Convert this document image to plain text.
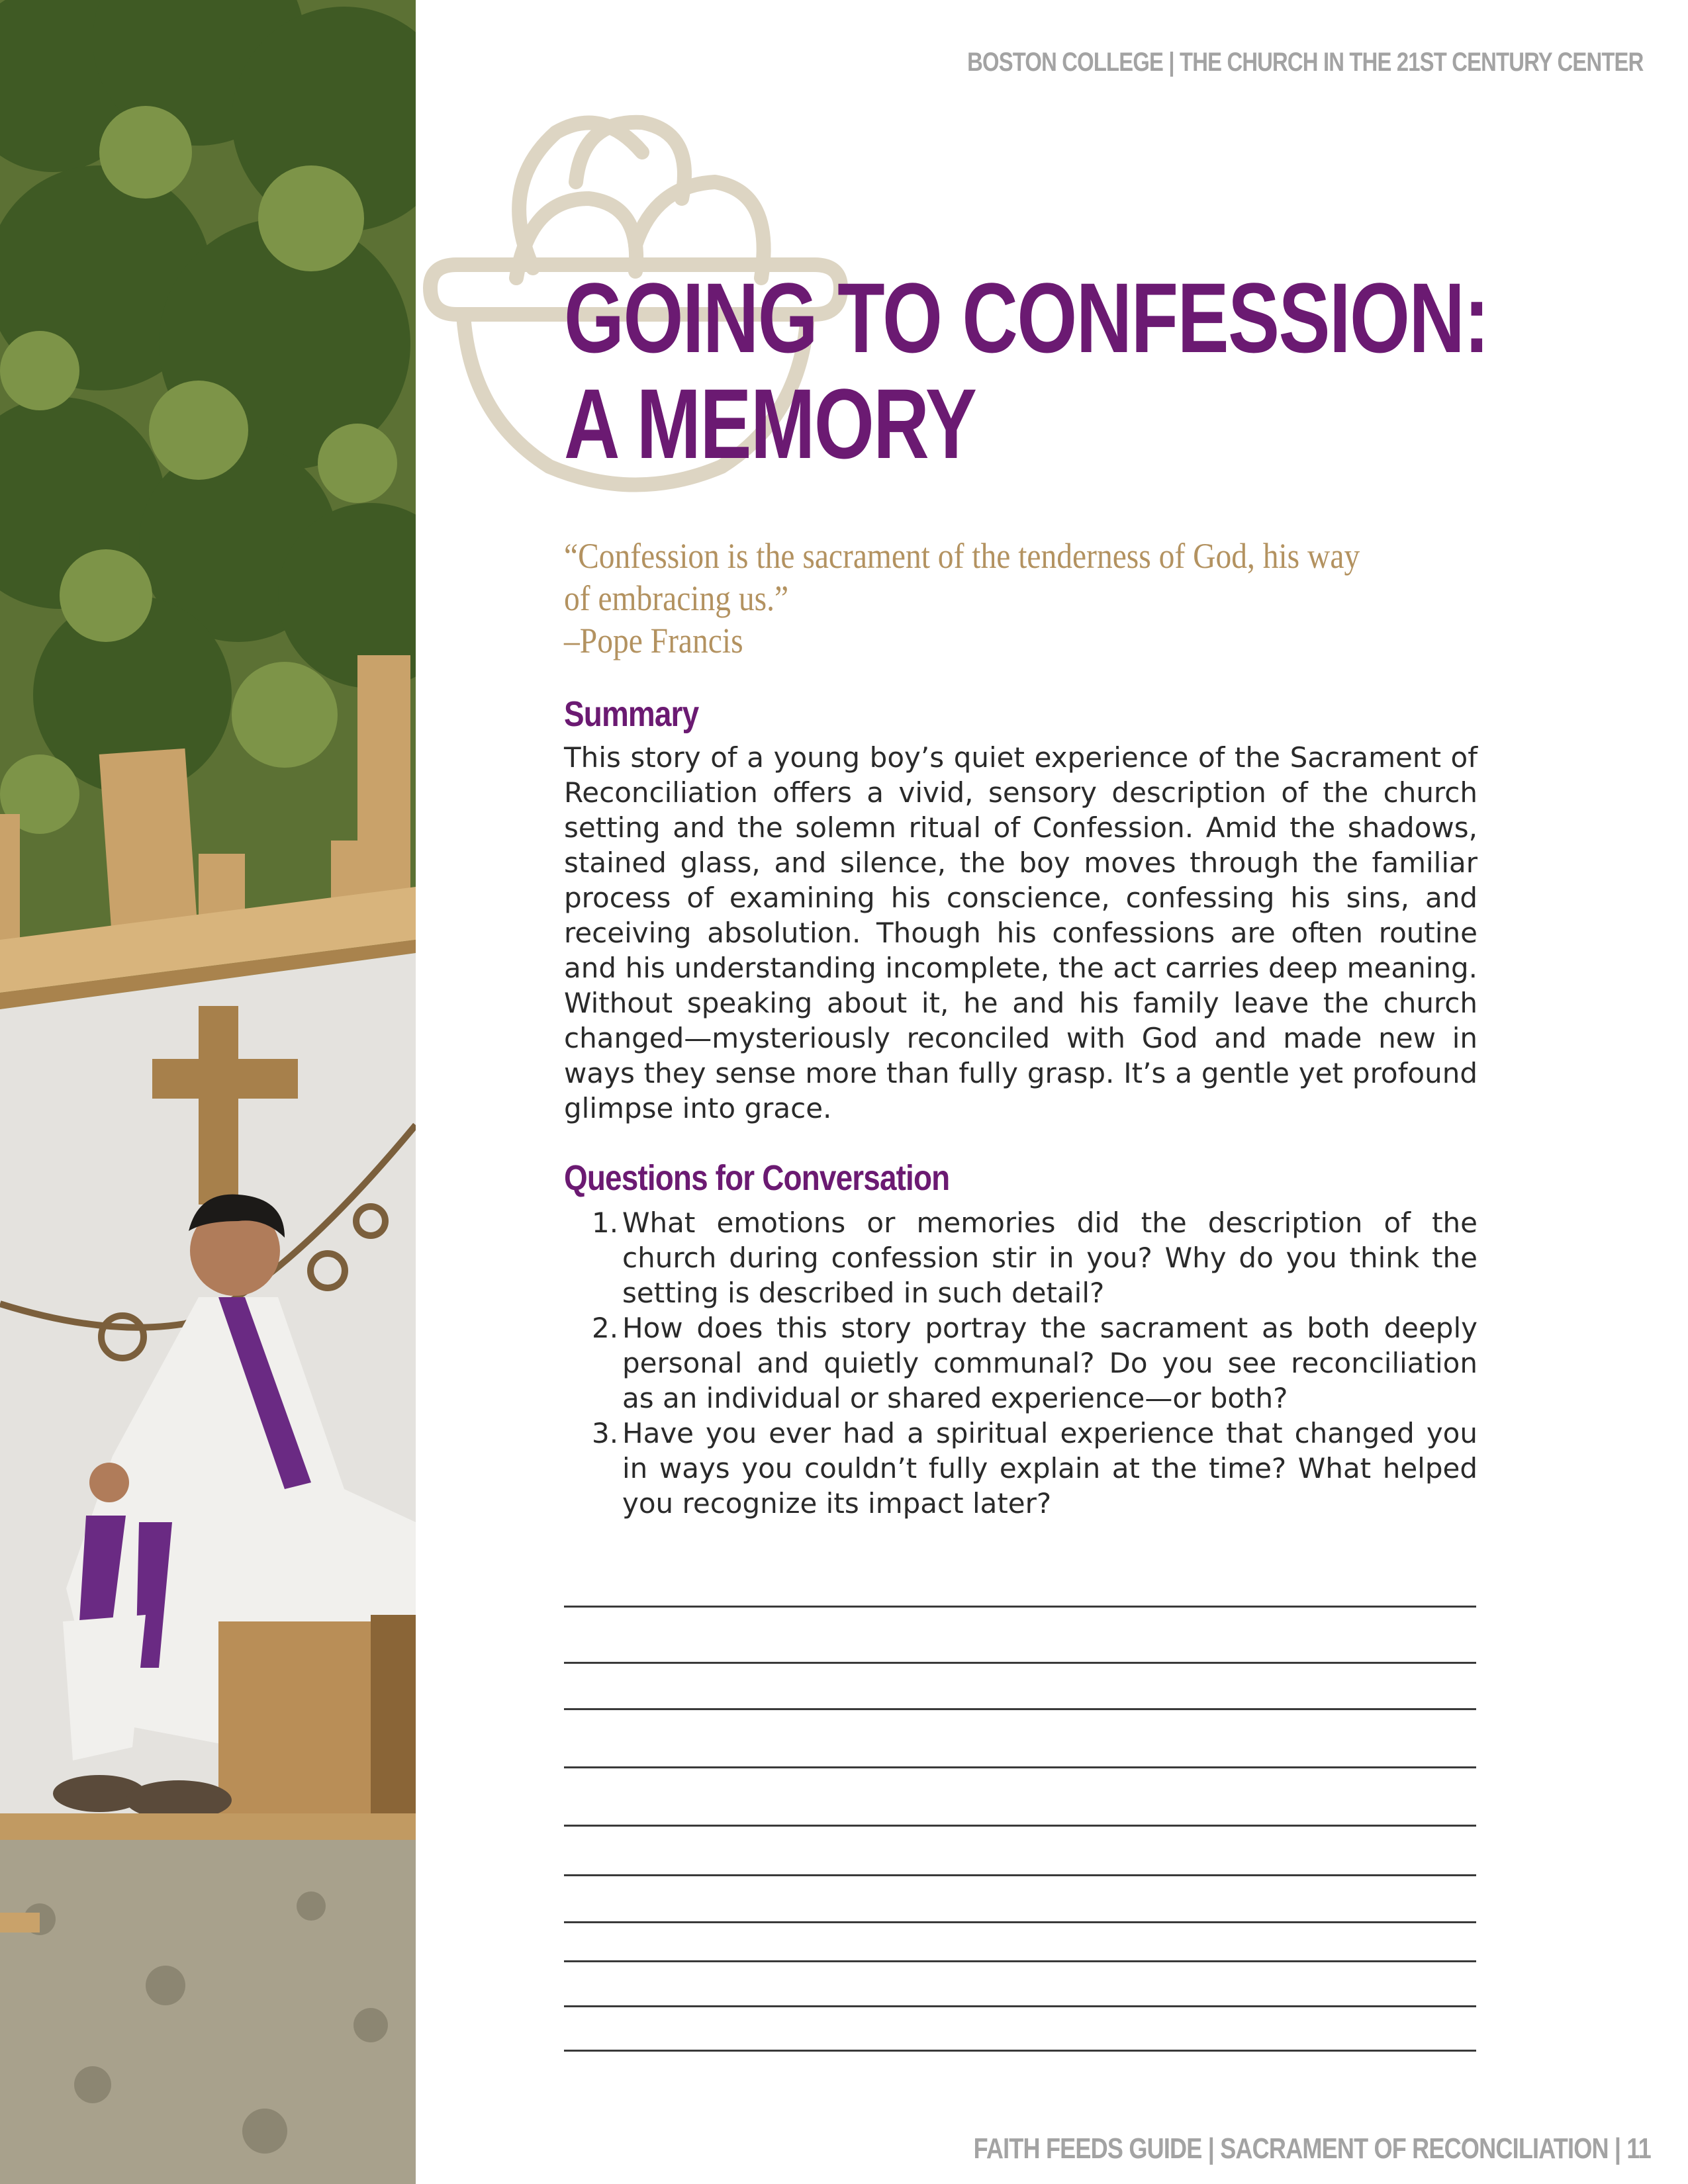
BOSTON COLLEGE | THE CHURCH IN THE 21ST CENTURY CENTER
GOING TO CONFESSION:
A MEMORY
“Confession is the sacrament of the tenderness of God, his way
of embracing us.”
–Pope Francis
Summary
This story of a young boy’s quiet experience of the Sacrament of Reconciliation offers a vivid, sensory description of the church setting and the solemn ritual of Confession. Amid the shadows, stained glass, and silence, the boy moves through the familiar process of examining his conscience, confessing his sins, and receiving absolution. Though his confessions are often routine and his understanding incomplete, the act carries deep meaning. Without speaking about it, he and his family leave the church changed—mysteriously reconciled with God and made new in ways they sense more than fully grasp. It’s a gentle yet profound glimpse into grace.
Questions for Conversation
1. What emotions or memories did the description of the church during confession stir in you? Why do you think the setting is described in such detail?
2. How does this story portray the sacrament as both deeply personal and quietly communal? Do you see reconciliation as an individual or shared experience—or both?
3. Have you ever had a spiritual experience that changed you in ways you couldn’t fully explain at the time? What helped you recognize its impact later?
FAITH FEEDS GUIDE | SACRAMENT OF RECONCILIATION | 11
